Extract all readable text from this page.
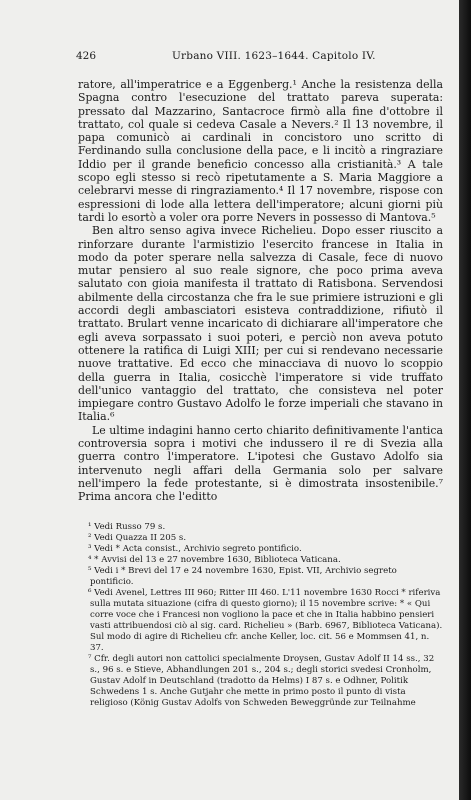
426	Urbano VIII. 1623–1644. Capitolo IV.

ratore, all'imperatrice e a Eggenberg.¹ Anche la resistenza della Spagna contro l'esecuzione del trattato pareva superata: pressato dal Mazzarino, Santacroce firmò alla fine d'ottobre il trattato, col quale si cedeva Casale a Nevers.² Il 13 novembre, il papa comunicò ai cardinali in concistoro uno scritto di Ferdinando sulla conclusione della pace, e li incitò a ringraziare Iddio per il grande beneficio concesso alla cristianità.³ A tale scopo egli stesso si recò ripetutamente a S. Maria Maggiore a celebrarvi messe di ringraziamento.⁴ Il 17 novembre, rispose con espressioni di lode alla lettera dell'imperatore; alcuni giorni più tardi lo esortò a voler ora porre Nevers in possesso di Mantova.⁵

Ben altro senso agiva invece Richelieu. Dopo esser riuscito a rinforzare durante l'armistizio l'esercito francese in Italia in modo da poter sperare nella salvezza di Casale, fece di nuovo mutar pensiero al suo reale signore, che poco prima aveva salutato con gioia manifesta il trattato di Ratisbona. Servendosi abilmente della circostanza che fra le sue primiere istruzioni e gli accordi degli ambasciatori esisteva contraddizione, rifiutò il trattato. Brulart venne incaricato di dichiarare all'imperatore che egli aveva sorpassato i suoi poteri, e perciò non aveva potuto ottenere la ratifica di Luigi XIII; per cui si rendevano necessarie nuove trattative. Ed ecco che minacciava di nuovo lo scoppio della guerra in Italia, cosicchè l'imperatore si vide truffato dell'unico vantaggio del trattato, che consisteva nel poter impiegare contro Gustavo Adolfo le forze imperiali che stavano in Italia.⁶

Le ultime indagini hanno certo chiarito definitivamente l'antica controversia sopra i motivi che indussero il re di Svezia alla guerra contro l'imperatore. L'ipotesi che Gustavo Adolfo sia intervenuto negli affari della Germania solo per salvare nell'impero la fede protestante, si è dimostrata insostenibile.⁷ Prima ancora che l'editto

¹ Vedi Russo 79 s.

² Vedi Quazza II 205 s.

³ Vedi * Acta consist., Archivio segreto pontificio.

⁴ * Avvisi del 13 e 27 novembre 1630, Biblioteca Vaticana.

⁵ Vedi i * Brevi del 17 e 24 novembre 1630, Epist. VII, Archivio segreto pontificio.

⁶ Vedi Avenel, Lettres III 960; Ritter III 460. L'11 novembre 1630 Rocci * riferiva sulla mutata situazione (cifra di questo giorno); il 15 novembre scrive: * « Qui corre voce che i Francesi non vogliono la pace et che in Italia habbino pensieri vasti attribuendosi ciò al sig. card. Richelieu » (Barb. 6967, Biblioteca Vaticana). Sul modo di agire di Richelieu cfr. anche Keller, loc. cit. 56 e Mommsen 41, n. 37.

⁷ Cfr. degli autori non cattolici specialmente Droysen, Gustav Adolf II 14 ss., 32 s., 96 s. e Stieve, Abhandlungen 201 s., 204 s.; degli storici svedesi Cronholm, Gustav Adolf in Deutschland (tradotto da Helms) I 87 s. e Odhner, Politik Schwedens 1 s. Anche Gutjahr che mette in primo posto il punto di vista religioso (König Gustav Adolfs von Schweden Beweggründe zur Teilnahme
